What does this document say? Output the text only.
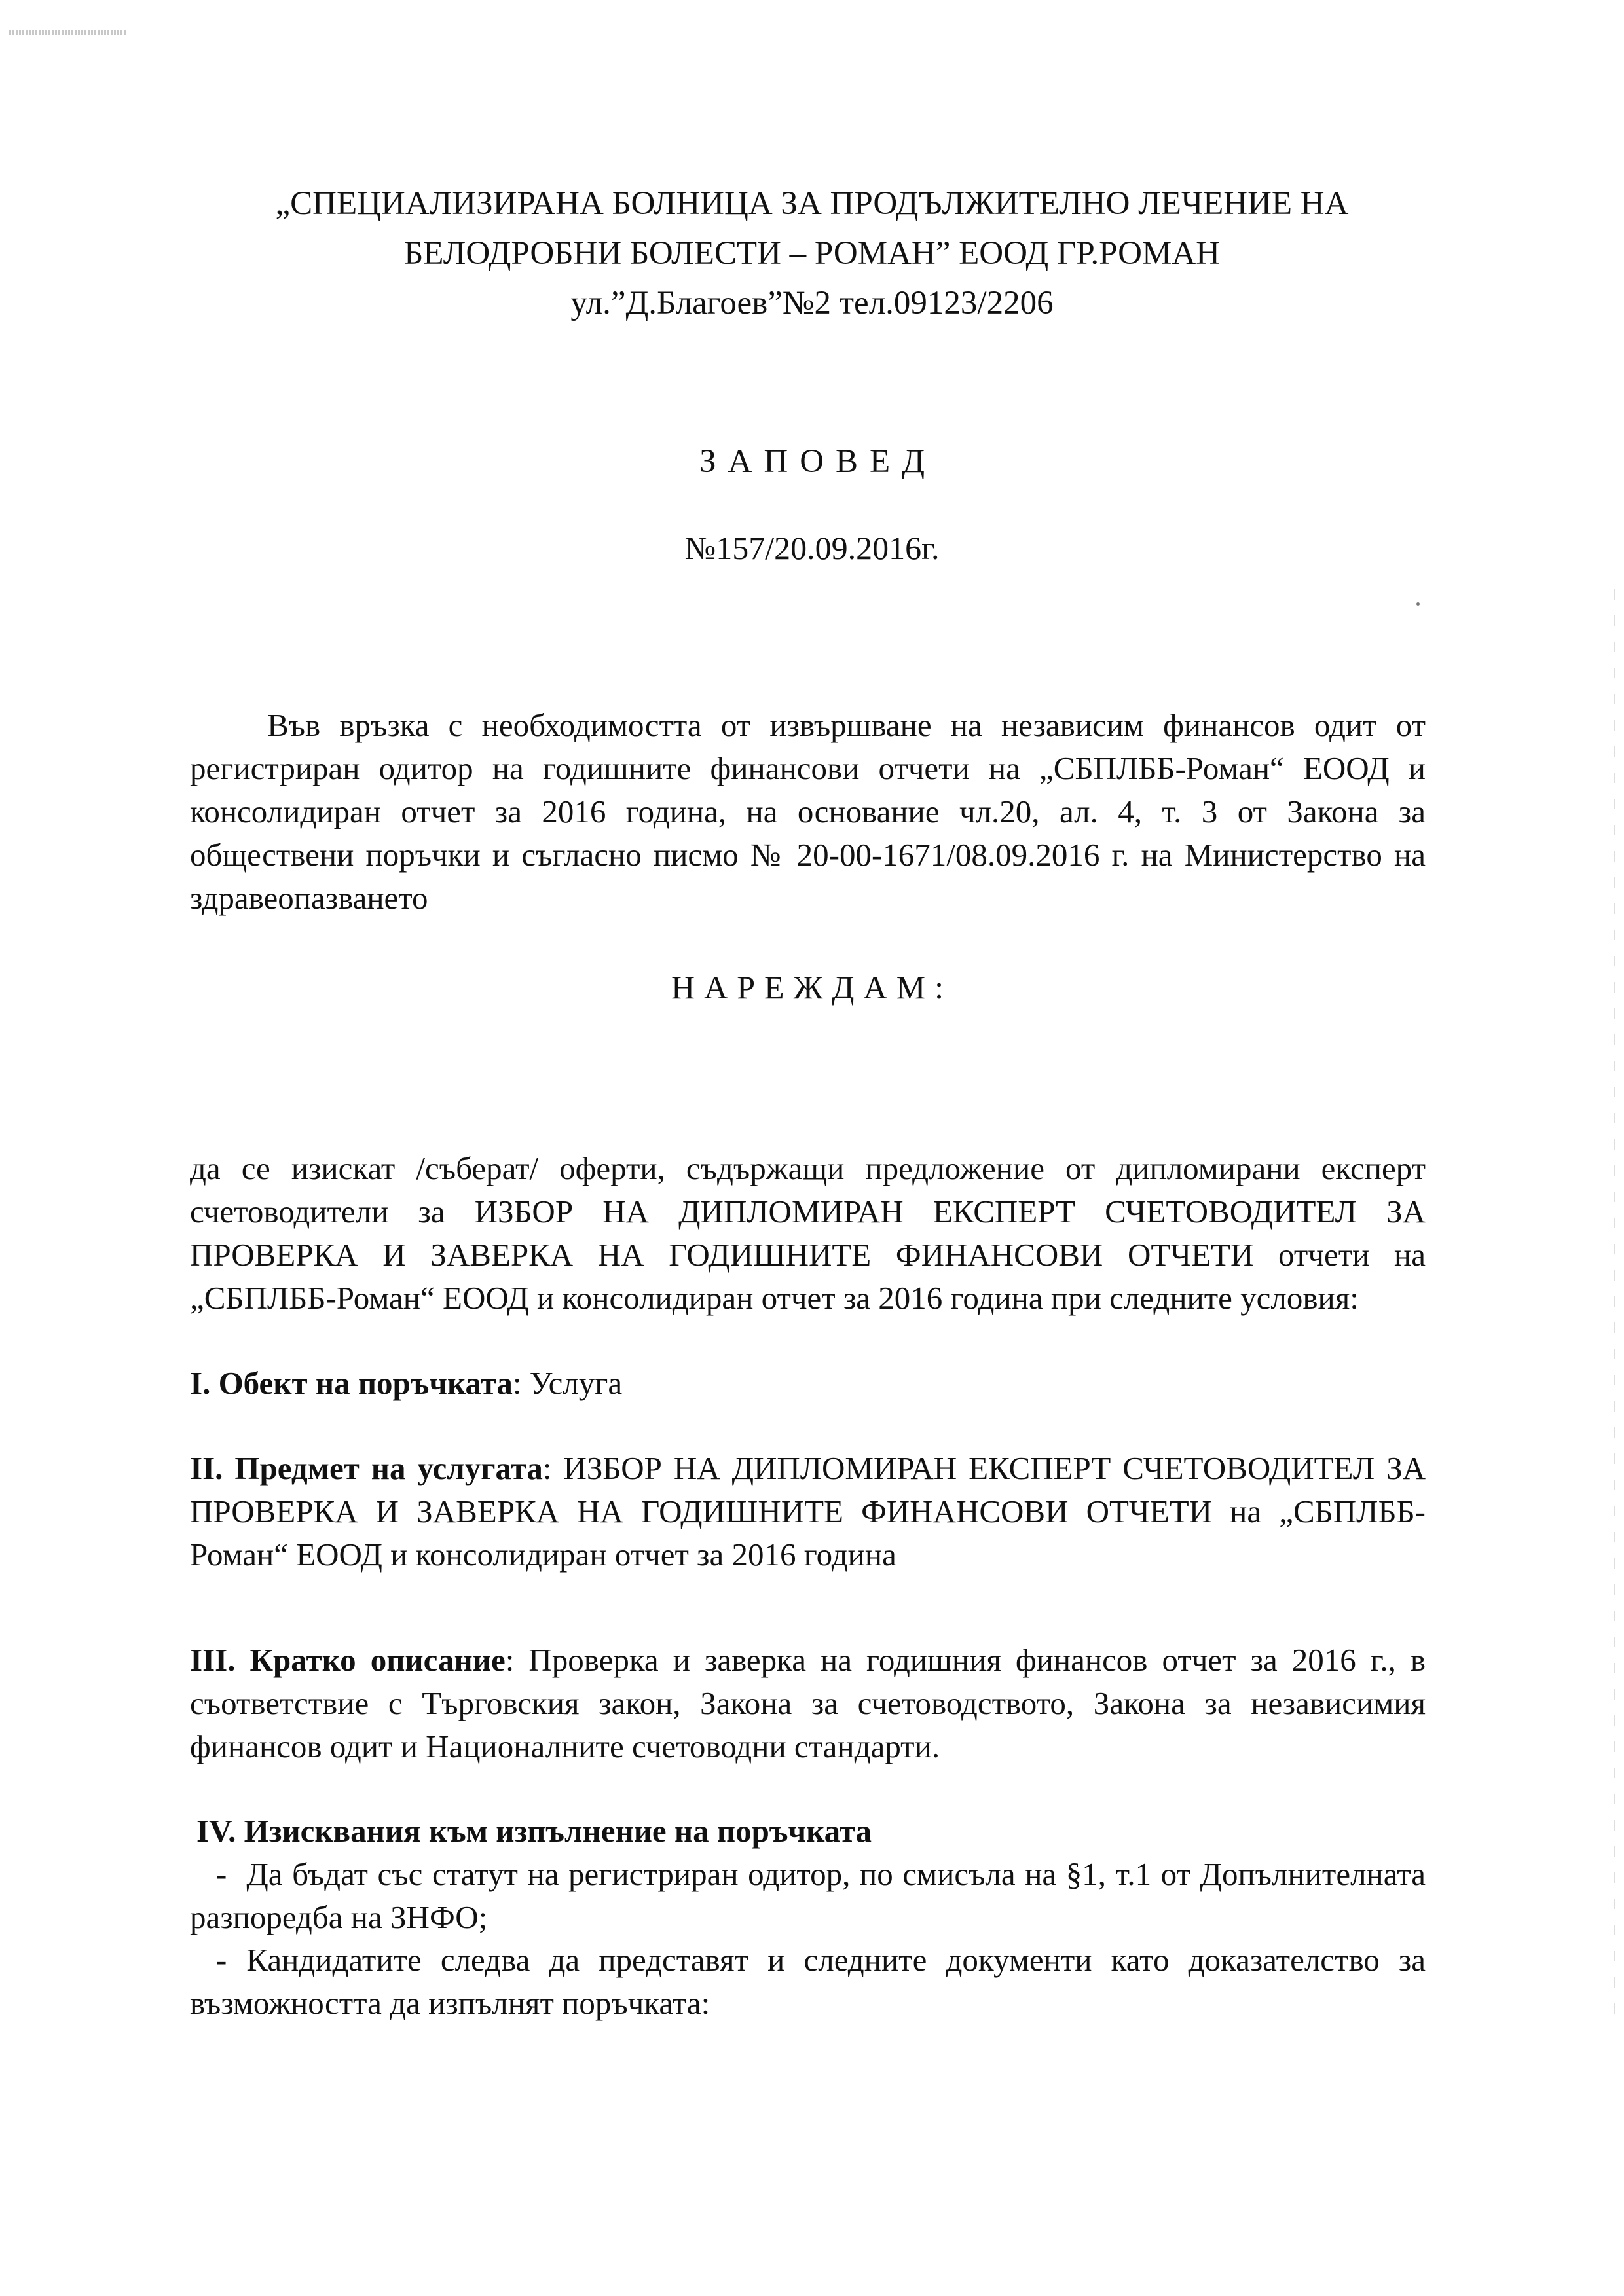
„СПЕЦИАЛИЗИРАНА БОЛНИЦА ЗА ПРОДЪЛЖИТЕЛНО ЛЕЧЕНИЕ НА
БЕЛОДРОБНИ БОЛЕСТИ – РОМАН” ЕООД ГР.РОМАН
ул.”Д.Благоев”№2 тел.09123/2206
ЗАПОВЕД
№157/20.09.2016г.
Във връзка с необходимостта от извършване на независим финансов одит от регистриран одитор на годишните финансови отчети на „СБПЛББ-Роман“ ЕООД и консолидиран отчет за 2016 година, на основание чл.20, ал. 4, т. 3 от Закона за обществени поръчки и съгласно писмо № 20-00-1671/08.09.2016 г. на Министерство на здравеопазването
НАРЕЖДАМ:
да се изискат /съберат/ оферти, съдържащи предложение от дипломирани експерт счетоводители за ИЗБОР НА ДИПЛОМИРАН ЕКСПЕРТ СЧЕТОВОДИТЕЛ ЗА ПРОВЕРКА И ЗАВЕРКА НА ГОДИШНИТЕ ФИНАНСОВИ ОТЧЕТИ отчети на „СБПЛББ-Роман“ ЕООД и консолидиран отчет за 2016 година при следните условия:
I. Обект на поръчката: Услуга
II. Предмет на услугата: ИЗБОР НА ДИПЛОМИРАН ЕКСПЕРТ СЧЕТОВОДИТЕЛ ЗА ПРОВЕРКА И ЗАВЕРКА НА ГОДИШНИТЕ ФИНАНСОВИ ОТЧЕТИ на „СБПЛББ-Роман“ ЕООД и консолидиран отчет за 2016 година
III. Кратко описание: Проверка и заверка на годишния финансов отчет за 2016 г., в съответствие с Търговския закон, Закона за счетоводството, Закона за независимия финансов одит и Националните счетоводни стандарти.
IV. Изисквания към изпълнение на поръчката
- Да бъдат със статут на регистриран одитор, по смисъла на §1, т.1 от Допълнителната разпоредба на ЗНФО;
- Кандидатите следва да представят и следните документи като доказателство за възможността да изпълнят поръчката:
